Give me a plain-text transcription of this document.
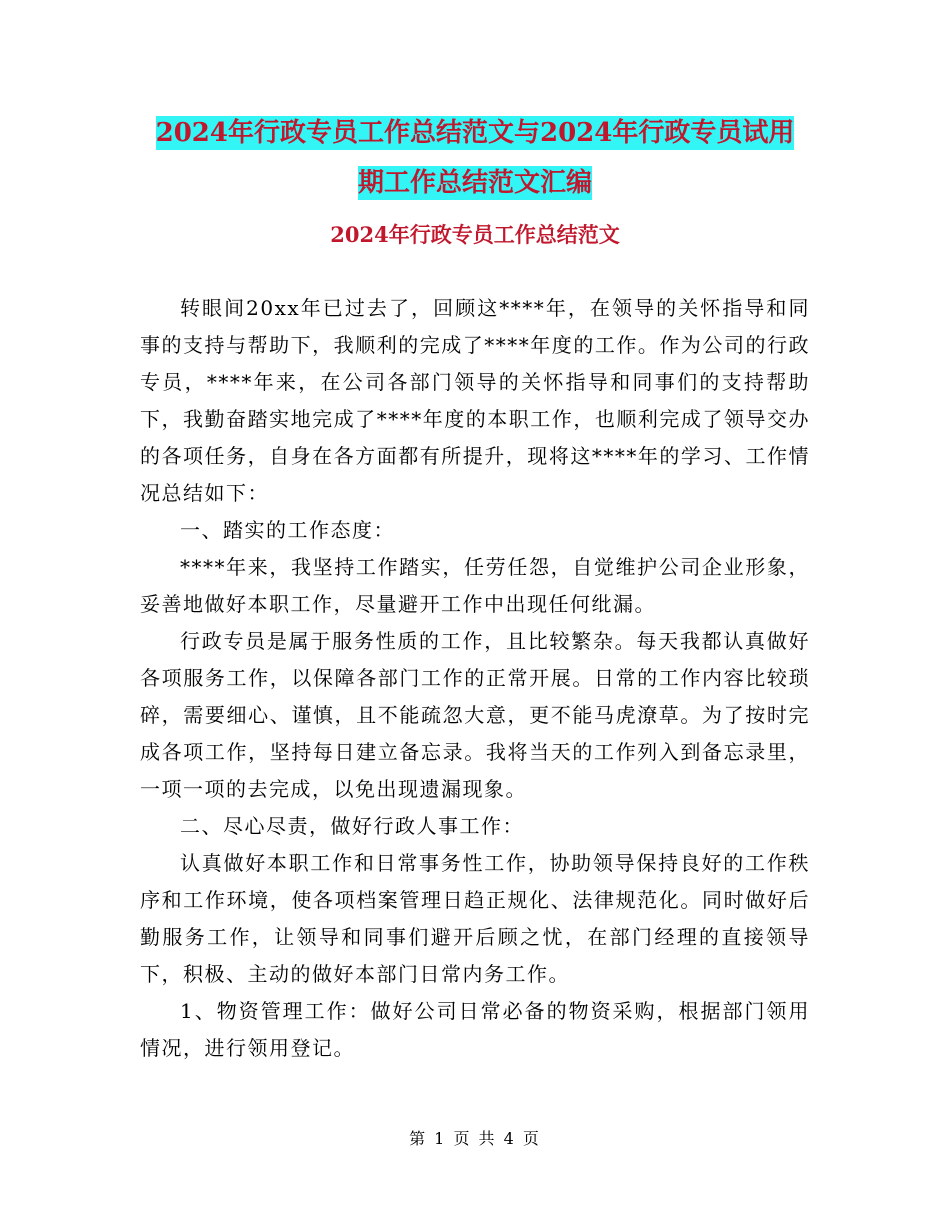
2024年行政专员工作总结范文与2024年行政专员试用
期工作总结范文汇编
2024年行政专员工作总结范文

转眼间20xx年已过去了，回顾这****年，在领导的关怀指导和同事的支持与帮助下，我顺利的完成了****年度的工作。作为公司的行政专员，****年来，在公司各部门领导的关怀指导和同事们的支持帮助下，我勤奋踏实地完成了****年度的本职工作，也顺利完成了领导交办的各项任务，自身在各方面都有所提升，现将这****年的学习、工作情况总结如下：

一、踏实的工作态度：

****年来，我坚持工作踏实，任劳任怨，自觉维护公司企业形象，妥善地做好本职工作，尽量避开工作中出现任何纰漏。

行政专员是属于服务性质的工作，且比较繁杂。每天我都认真做好各项服务工作，以保障各部门工作的正常开展。日常的工作内容比较琐碎，需要细心、谨慎，且不能疏忽大意，更不能马虎潦草。为了按时完成各项工作，坚持每日建立备忘录。我将当天的工作列入到备忘录里，一项一项的去完成，以免出现遗漏现象。

二、尽心尽责，做好行政人事工作：

认真做好本职工作和日常事务性工作，协助领导保持良好的工作秩序和工作环境，使各项档案管理日趋正规化、法律规范化。同时做好后勤服务工作，让领导和同事们避开后顾之忧，在部门经理的直接领导下，积极、主动的做好本部门日常内务工作。

1、物资管理工作：做好公司日常必备的物资采购，根据部门领用情况，进行领用登记。

第 1 页 共 4 页
